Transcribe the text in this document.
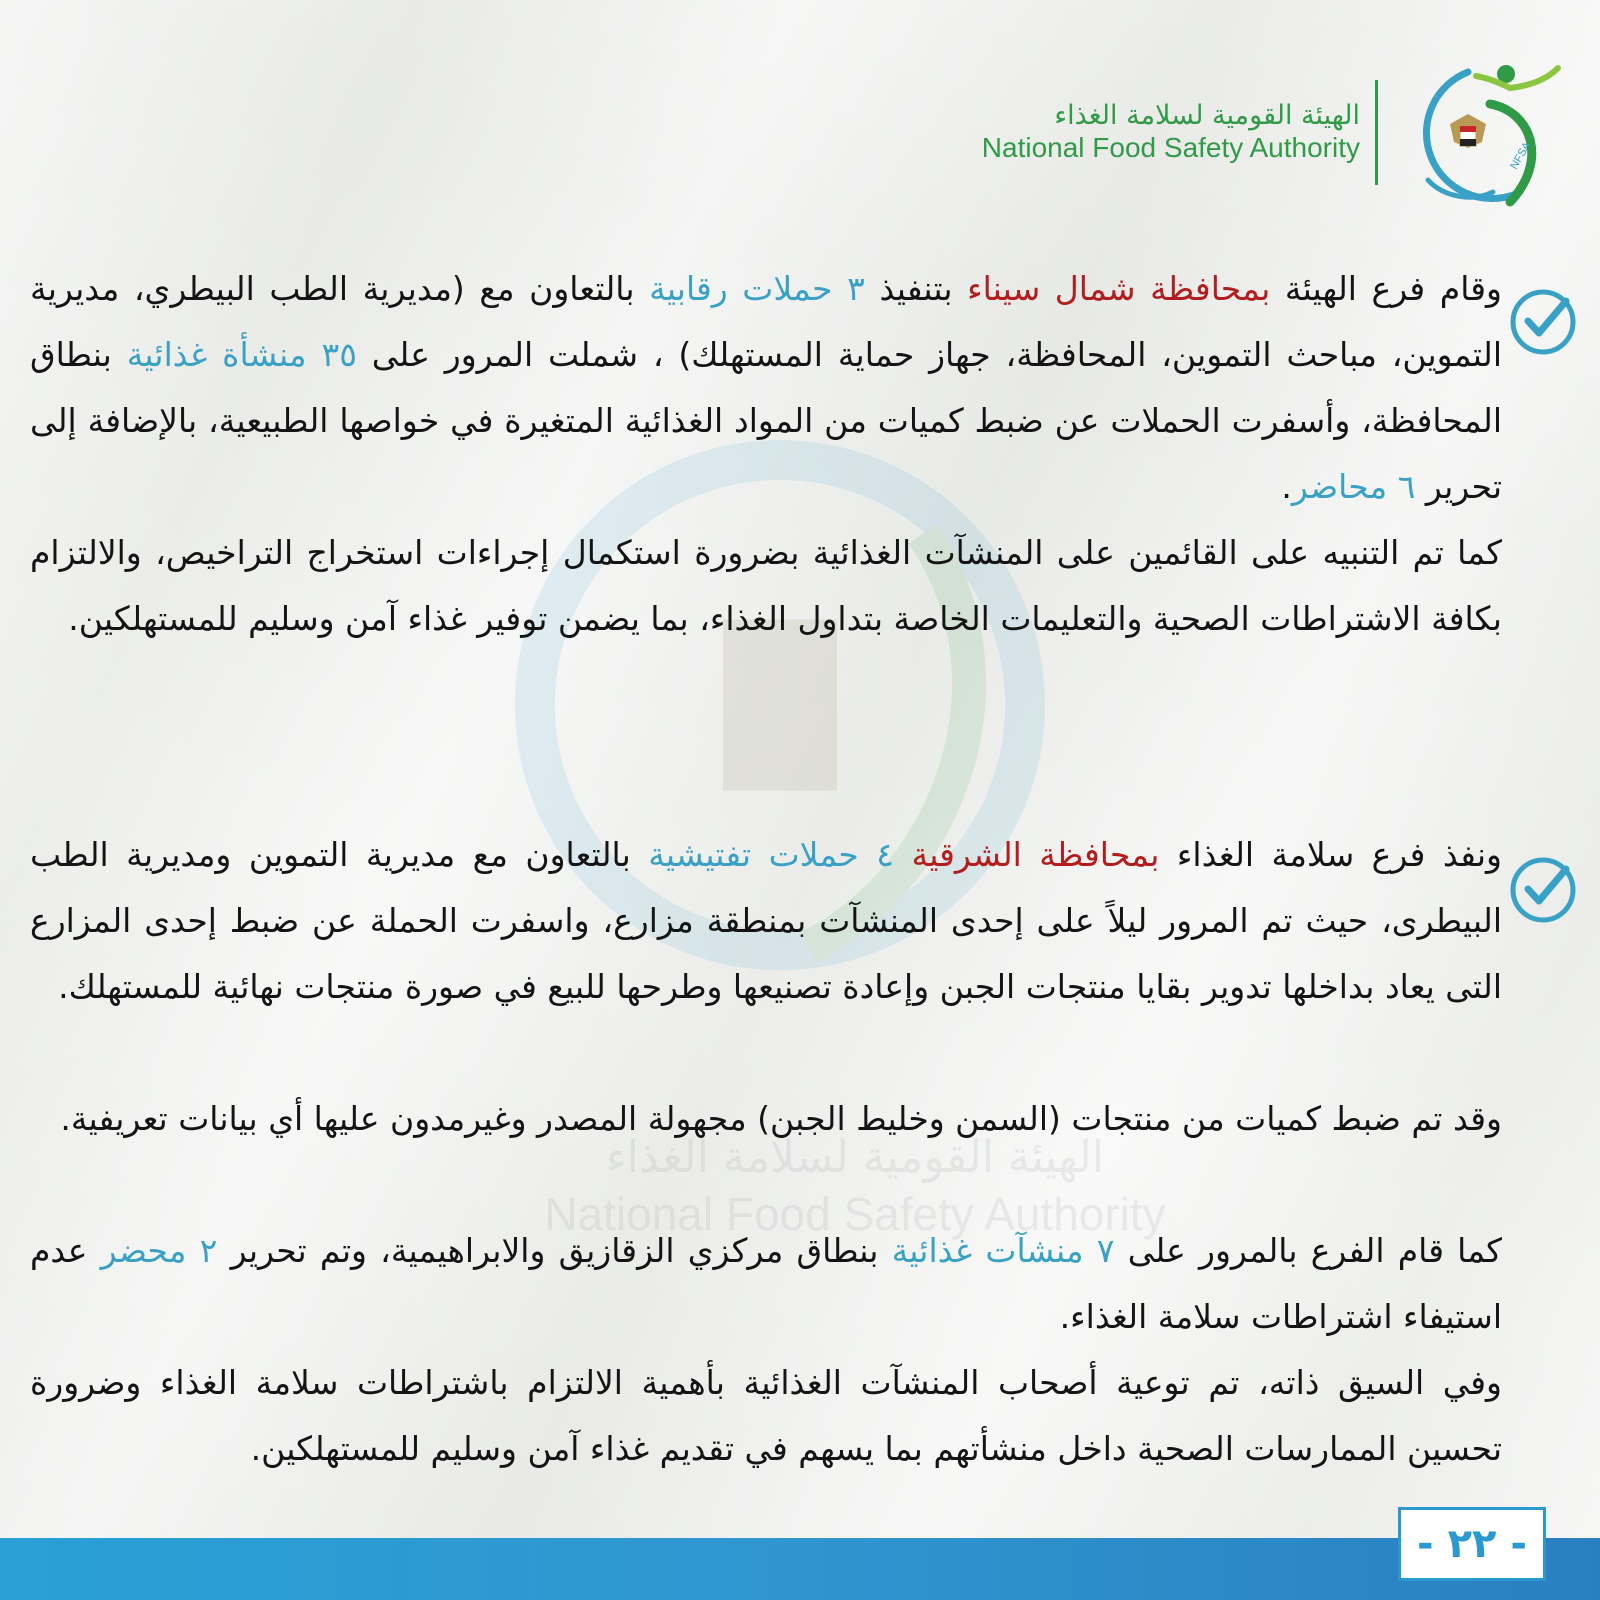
الهيئة القومية لسلامة الغذاء
National Food Safety Authority
NFSA
الهيئة القومية لسلامة الغذاء
National Food Safety Authority

وقام فرع الهيئة بمحافظة شمال سيناء بتنفيذ ٣ حملات رقابية بالتعاون مع (مديرية الطب البيطري، مديرية التموين، مباحث التموين، المحافظة، جهاز حماية المستهلك) ، شملت المرور على ٣٥ منشأة غذائية بنطاق المحافظة، وأسفرت الحملات عن ضبط كميات من المواد الغذائية المتغيرة في خواصها الطبيعية، بالإضافة إلى تحرير ٦ محاضر.

كما تم التنبيه على القائمين على المنشآت الغذائية بضرورة استكمال إجراءات استخراج التراخيص، والالتزام بكافة الاشتراطات الصحية والتعليمات الخاصة بتداول الغذاء، بما يضمن توفير غذاء آمن وسليم للمستهلكين.

ونفذ فرع سلامة الغذاء بمحافظة الشرقية ٤ حملات تفتيشية بالتعاون مع مديرية التموين ومديرية الطب البيطرى، حيث تم المرور ليلاً على إحدى المنشآت بمنطقة مزارع، واسفرت الحملة عن ضبط إحدى المزارع التى يعاد بداخلها تدوير بقايا منتجات الجبن وإعادة تصنيعها وطرحها للبيع في صورة منتجات نهائية للمستهلك.

وقد تم ضبط كميات من منتجات (السمن وخليط الجبن) مجهولة المصدر وغيرمدون عليها أي بيانات تعريفية.

كما قام الفرع بالمرور على ٧ منشآت غذائية بنطاق مركزي الزقازيق والابراهيمية، وتم تحرير ٢ محضر عدم استيفاء اشتراطات سلامة الغذاء.

وفي السيق ذاته، تم توعية أصحاب المنشآت الغذائية بأهمية الالتزام باشتراطات سلامة الغذاء وضرورة تحسين الممارسات الصحية داخل منشأتهم بما يسهم في تقديم غذاء آمن وسليم للمستهلكين.

- ٢٢ -
